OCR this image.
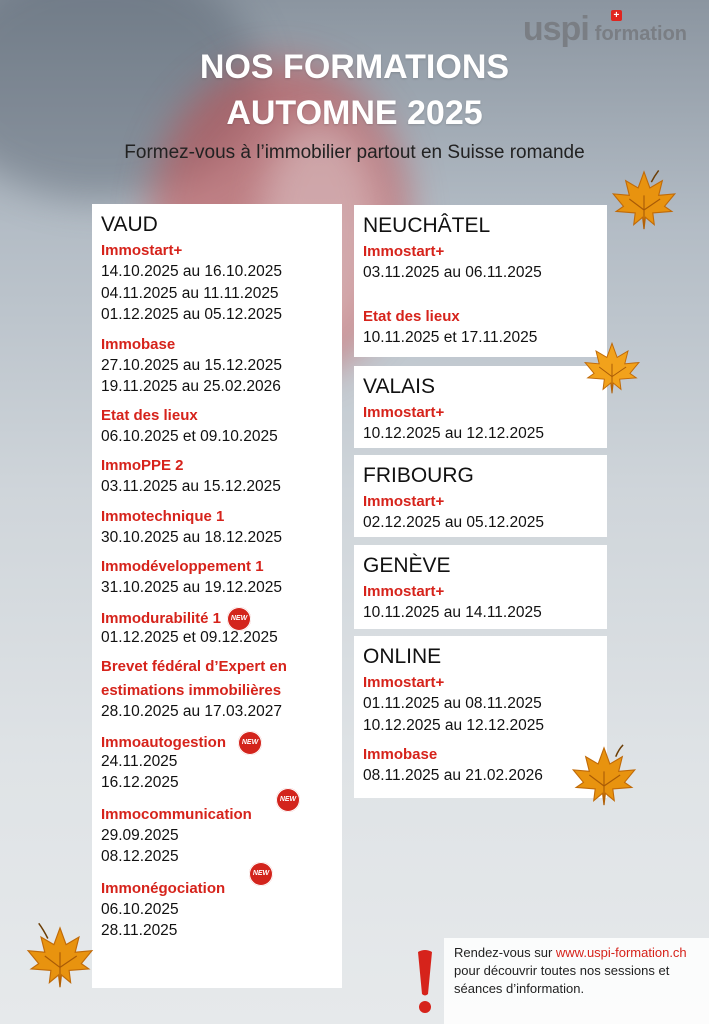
uspi +
formation
NOS FORMATIONS
AUTOMNE 2025
Formez-vous à l’immobilier partout en Suisse romande
VAUD
Immostart+
14.10.2025 au 16.10.2025
04.11.2025 au 11.11.2025
01.12.2025 au 05.12.2025
Immobase
27.10.2025 au 15.12.2025
19.11.2025 au 25.02.2026
Etat des lieux
06.10.2025 et 09.10.2025
ImmoPPE 2
03.11.2025 au 15.12.2025
Immotechnique 1
30.10.2025 au 18.12.2025
Immodéveloppement 1
31.10.2025 au 19.12.2025
Immodurabilité 1 NEW
01.12.2025 et 09.12.2025
Brevet fédéral d’Expert en
estimations immobilières
28.10.2025 au 17.03.2027
Immoautogestion NEW
24.11.2025
16.12.2025
Immocommunication
NEW
29.09.2025
08.12.2025
Immonégociation
NEW
06.10.2025
28.11.2025
NEUCHÂTEL
Immostart+
03.11.2025 au 06.11.2025
Etat des lieux
10.11.2025 et 17.11.2025
VALAIS
Immostart+
10.12.2025 au 12.12.2025
FRIBOURG
Immostart+
02.12.2025 au 05.12.2025
GENÈVE
Immostart+
10.11.2025 au 14.11.2025
ONLINE
Immostart+
01.11.2025 au 08.11.2025
10.12.2025 au 12.12.2025
Immobase
08.11.2025 au 21.02.2026
Rendez-vous sur www.uspi-formation.ch pour découvrir toutes nos sessions et séances d’information.
